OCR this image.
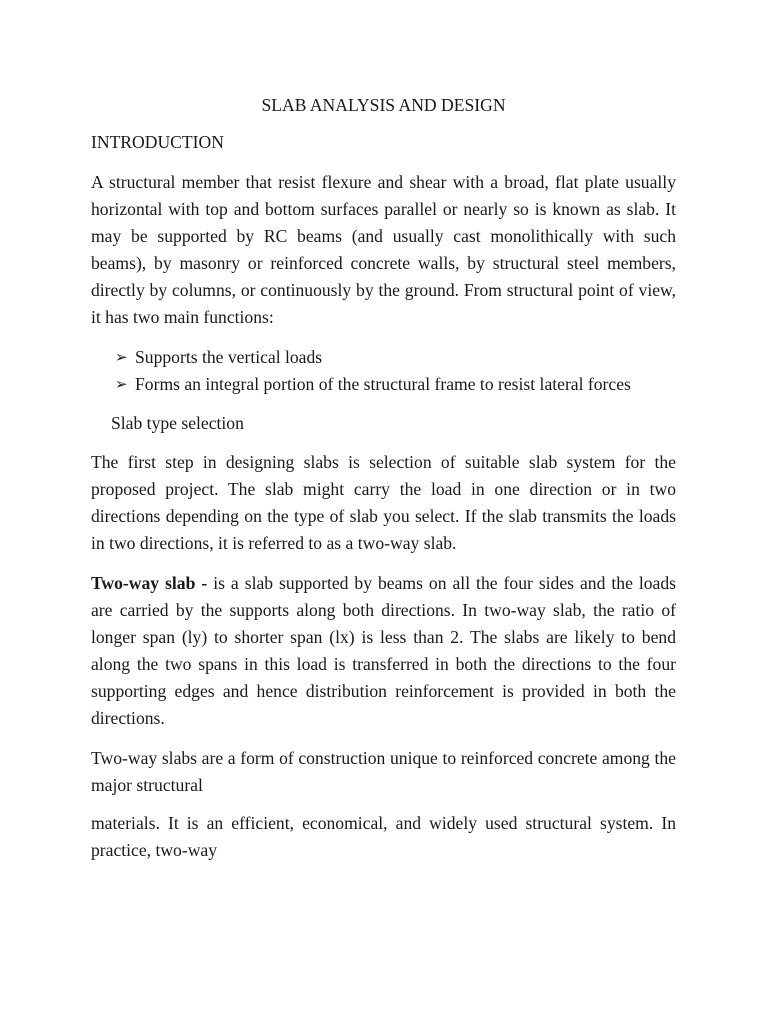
SLAB ANALYSIS AND DESIGN
INTRODUCTION

A structural member that resist flexure and shear with a broad, flat plate usually horizontal with top and bottom surfaces parallel or nearly so is known as slab. It may be supported by RC beams (and usually cast monolithically with such beams), by masonry or reinforced concrete walls, by structural steel members, directly by columns, or continuously by the ground. From structural point of view, it has two main functions:

➢ Supports the vertical loads
➢ Forms an integral portion of the structural frame to resist lateral forces
Slab type selection

The first step in designing slabs is selection of suitable slab system for the proposed project. The slab might carry the load in one direction or in two directions depending on the type of slab you select. If the slab transmits the loads in two directions, it is referred to as a two-way slab.

Two-way slab - is a slab supported by beams on all the four sides and the loads are carried by the supports along both directions. In two-way slab, the ratio of longer span (ly) to shorter span (lx) is less than 2. The slabs are likely to bend along the two spans in this load is transferred in both the directions to the four supporting edges and hence distribution reinforcement is provided in both the directions.

Two-way slabs are a form of construction unique to reinforced concrete among the major structural

materials. It is an efficient, economical, and widely used structural system. In practice, two-way
